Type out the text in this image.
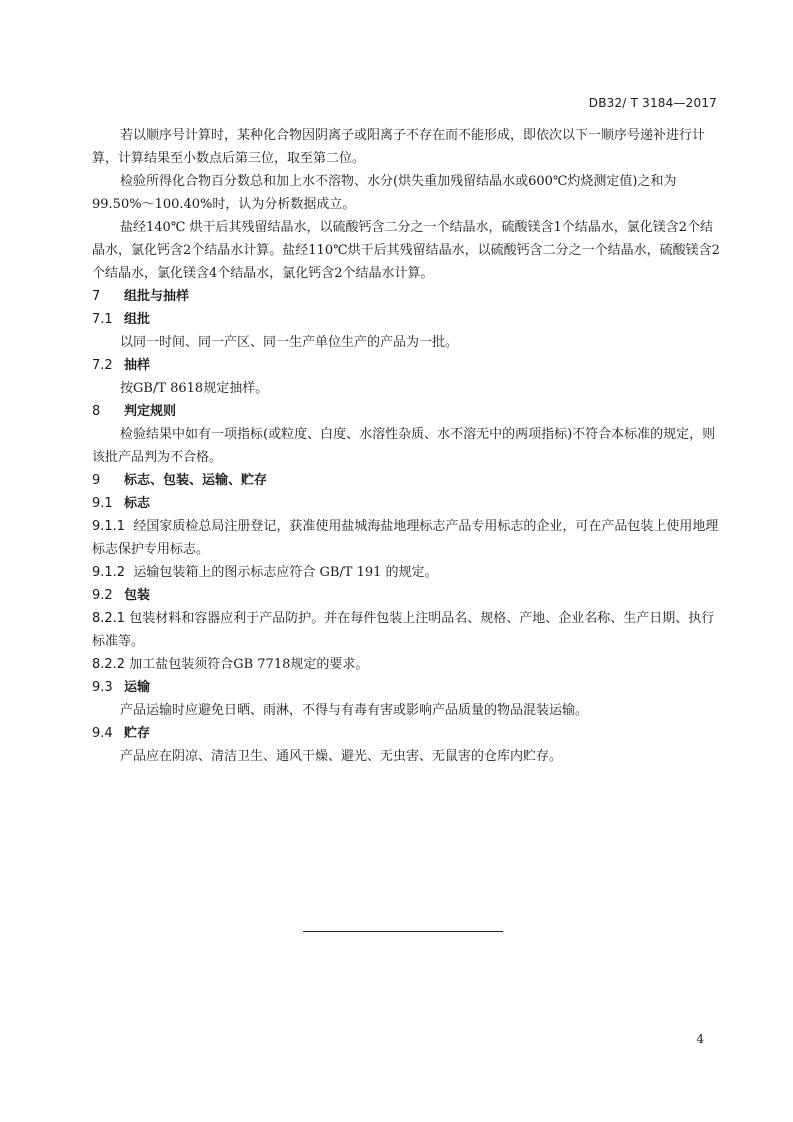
DB32/ T 3184—2017

若以顺序号计算时，某种化合物因阴离子或阳离子不存在而不能形成，即依次以下一顺序号递补进行计算，计算结果至小数点后第三位，取至第二位。

检验所得化合物百分数总和加上水不溶物、水分(烘失重加残留结晶水或600℃灼烧测定值)之和为99.50%～100.40%时，认为分析数据成立。

盐经140℃ 烘干后其残留结晶水，以硫酸钙含二分之一个结晶水，硫酸镁含1个结晶水，氯化镁含2个结晶水，氯化钙含2个结晶水计算。盐经110℃烘干后其残留结晶水，以硫酸钙含二分之一个结晶水，硫酸镁含2个结晶水，氯化镁含4个结晶水，氯化钙含2个结晶水计算。

7 组批与抽样

7.1 组批

以同一时间、同一产区、同一生产单位生产的产品为一批。

7.2 抽样

按GB/T 8618规定抽样。

8 判定规则

检验结果中如有一项指标(或粒度、白度、水溶性杂质、水不溶无中的两项指标)不符合本标准的规定，则该批产品判为不合格。

9 标志、包装、运输、贮存

9.1 标志

9.1.1 经国家质检总局注册登记，获准使用盐城海盐地理标志产品专用标志的企业，可在产品包装上使用地理标志保护专用标志。

9.1.2 运输包装箱上的图示标志应符合 GB/T 191 的规定。

9.2 包装

8.2.1 包装材料和容器应利于产品防护。并在每件包装上注明品名、规格、产地、企业名称、生产日期、执行标准等。

8.2.2 加工盐包装须符合GB 7718规定的要求。

9.3 运输

产品运输时应避免日晒、雨淋，不得与有毒有害或影响产品质量的物品混装运输。

9.4 贮存

产品应在阴凉、清洁卫生、通风干燥、避光、无虫害、无鼠害的仓库内贮存。

4
